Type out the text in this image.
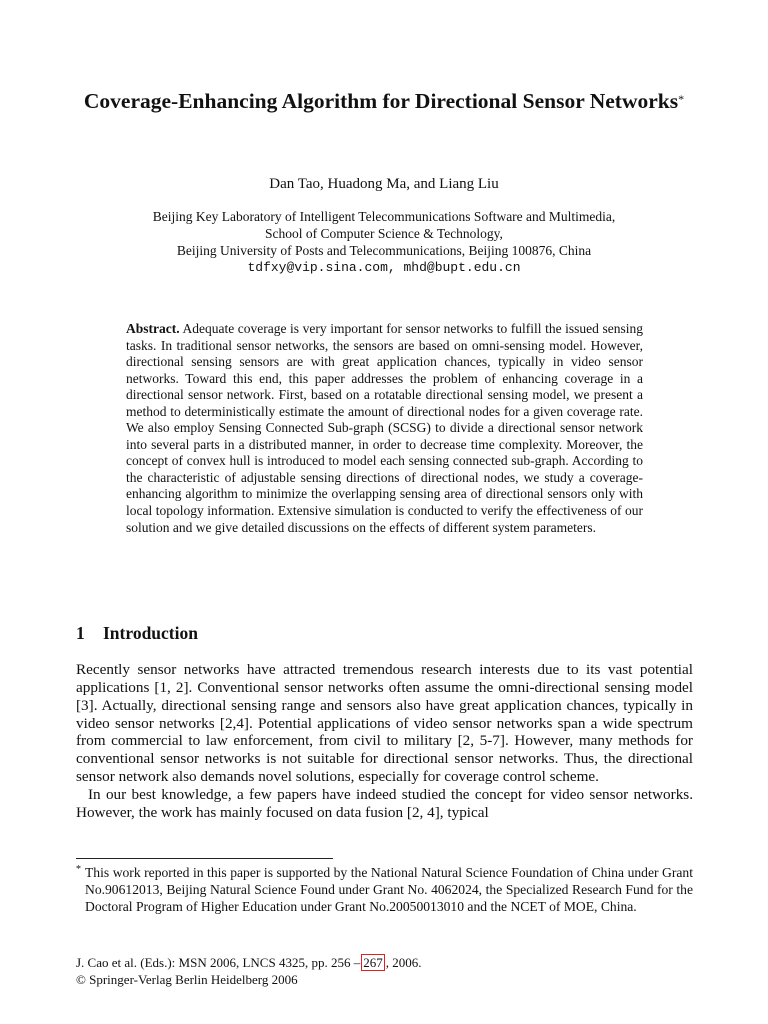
Coverage-Enhancing Algorithm for Directional Sensor Networks*
Dan Tao, Huadong Ma, and Liang Liu
Beijing Key Laboratory of Intelligent Telecommunications Software and Multimedia,
School of Computer Science & Technology,
Beijing University of Posts and Telecommunications, Beijing 100876, China
tdfxy@vip.sina.com, mhd@bupt.edu.cn

Abstract. Adequate coverage is very important for sensor networks to fulfill the issued sensing tasks. In traditional sensor networks, the sensors are based on omni-sensing model. However, directional sensing sensors are with great application chances, typically in video sensor networks. Toward this end, this paper addresses the problem of enhancing coverage in a directional sensor network. First, based on a rotatable directional sensing model, we present a method to deterministically estimate the amount of directional nodes for a given coverage rate. We also employ Sensing Connected Sub-graph (SCSG) to divide a directional sensor network into several parts in a distributed manner, in order to decrease time complexity. Moreover, the concept of convex hull is introduced to model each sensing connected sub-graph. According to the characteristic of adjustable sensing directions of directional nodes, we study a coverage-enhancing algorithm to minimize the overlapping sensing area of directional sensors only with local topology information. Extensive simulation is conducted to verify the effectiveness of our solution and we give detailed discussions on the effects of different system parameters.

1 Introduction

Recently sensor networks have attracted tremendous research interests due to its vast potential applications [1, 2]. Conventional sensor networks often assume the omni-directional sensing model [3]. Actually, directional sensing range and sensors also have great application chances, typically in video sensor networks [2,4]. Potential applications of video sensor networks span a wide spectrum from commercial to law enforcement, from civil to military [2, 5-7]. However, many methods for conventional sensor networks is not suitable for directional sensor networks. Thus, the directional sensor network also demands novel solutions, especially for coverage control scheme.

In our best knowledge, a few papers have indeed studied the concept for video sensor networks. However, the work has mainly focused on data fusion [2, 4], typical

* This work reported in this paper is supported by the National Natural Science Foundation of China under Grant No.90612013, Beijing Natural Science Found under Grant No. 4062024, the Specialized Research Fund for the Doctoral Program of Higher Education under Grant No.20050013010 and the NCET of MOE, China.
J. Cao et al. (Eds.): MSN 2006, LNCS 4325, pp. 256 – 267 , 2006.
© Springer-Verlag Berlin Heidelberg 2006
